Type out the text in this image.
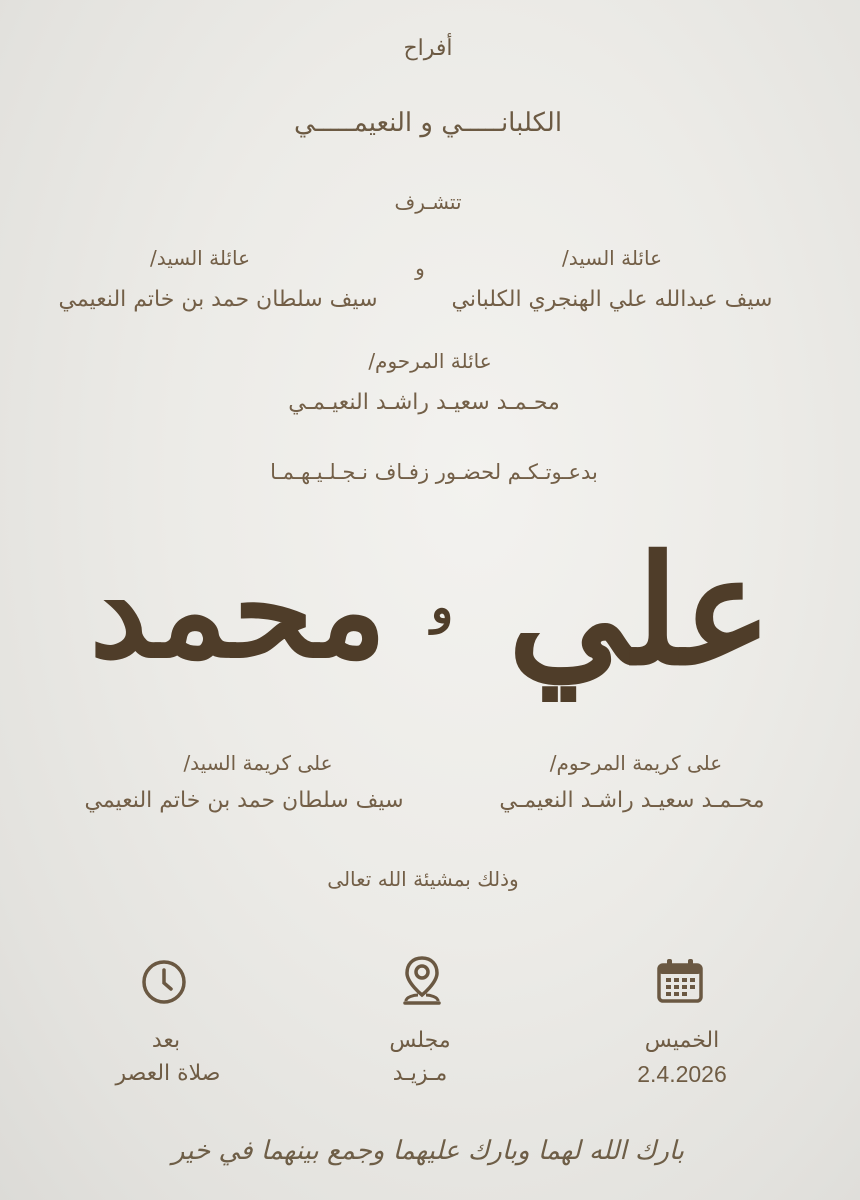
أفراح
الكلبانـــــي و النعيمـــــي
تتشـرف
عائلة السيد/
سيف عبدالله علي الهنجري الكلباني
و
عائلة السيد/
سيف سلطان حمد بن خاتم النعيمي
عائلة المرحوم/
محـمـد سعيـد راشـد النعيـمـي
بدعـوتـكـم لحضـور زفـاف نـجـلـيـهـمـا
علي
و
محمد
على كريمة المرحوم/
محـمـد سعيـد راشـد النعيمـي
على كريمة السيد/
سيف سلطان حمد بن خاتم النعيمي
وذلك بمشيئة الله تعالى
الخميس
2.4.2026
مجلس
مـزيـد
بعد
صلاة العصر
بارك الله لهما وبارك عليهما وجمع بينهما في خير
